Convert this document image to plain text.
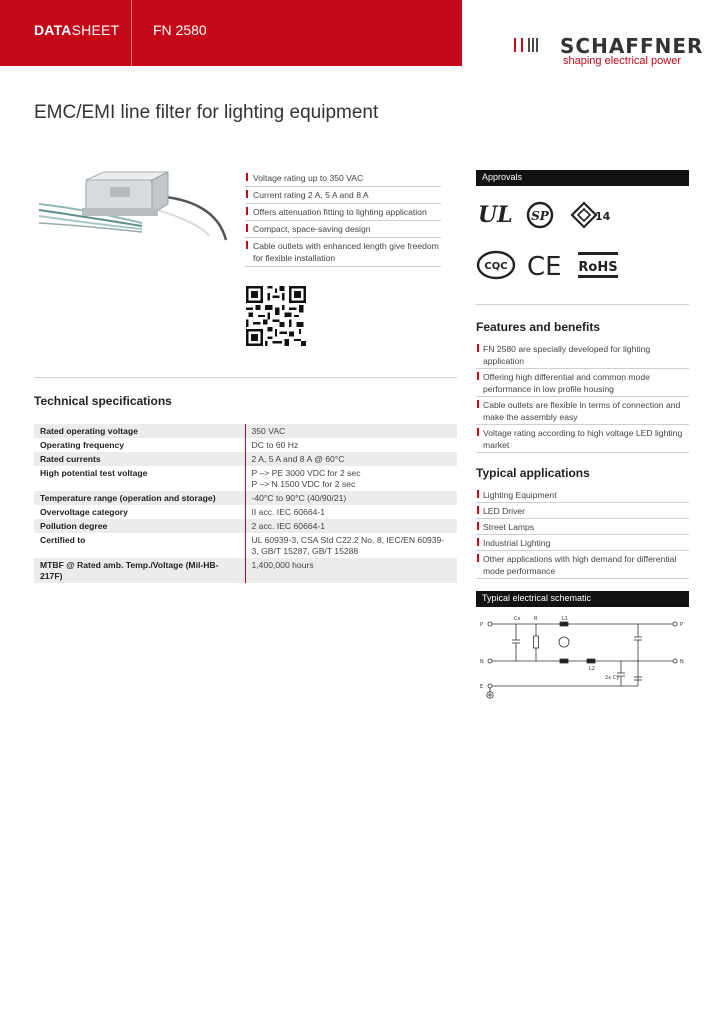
DATASHEET FN 2580
SCHAFFNER
shaping electrical power
EMC/EMI line filter for lighting equipment
Voltage rating up to 350 VAC
Current rating 2 A, 5 A and 8 A
Offers attenuation fitting to lighting application
Compact, space-saving design
Cable outlets with enhanced length give freedom for flexible installation
Technical specifications
Rated operating voltage	350 VAC
Operating frequency	DC to 60 Hz
Rated currents	2 A, 5 A and 8 A @ 60°C
High potential test voltage	P –> PE 3000 VDC for 2 sec
P –> N 1500 VDC for 2 sec

Temperature range (operation and storage)	-40°C to 90°C (40/90/21)
Overvoltage category	II acc. IEC 60664-1
Pollution degree	2 acc. IEC 60664-1
Certified to	UL 60939-3, CSA Std C22.2 No. 8, IEC/EN 60939-3, GB/T 15287, GB/T 15288
MTBF @ Rated amb. Temp./Voltage (Mil-HB-217F)	1,400,000 hours
Approvals
UL SP	14
CQC CE RoHS
Features and benefits
FN 2580 are specially developed for lighting application
Offering high differential and common mode performance in low profile housing
Cable outlets are flexible in terms of connection and make the assembly easy
Voltage rating according to high voltage LED lighting market
Typical applications
Lighting Equipment
LED Driver
Street Lamps
Industrial Lighting
Other applications with high demand for differential mode performance
Typical electrical schematic
P	P
N	N
E
Cx	R	L1
L2
2x Cy
